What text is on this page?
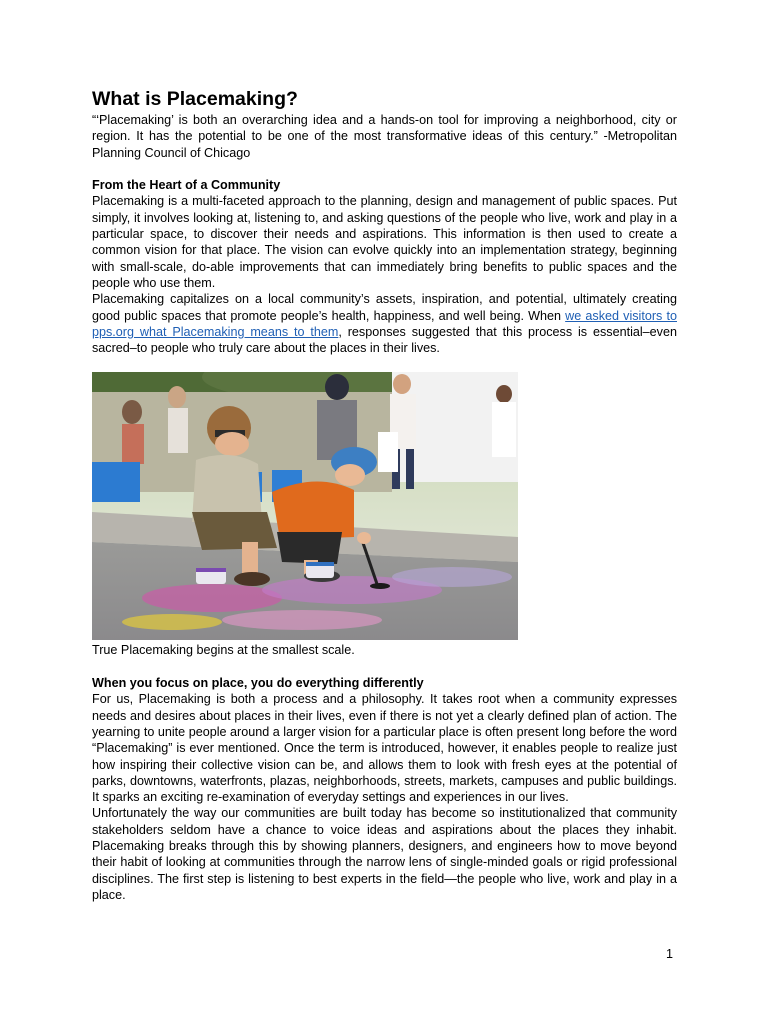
What is Placemaking?

“‘Placemaking’ is both an overarching idea and a hands-on tool for improving a neighborhood, city or region. It has the potential to be one of the most transformative ideas of this century.” -Metropolitan Planning Council of Chicago

From the Heart of a Community

Placemaking is a multi-faceted approach to the planning, design and management of public spaces. Put simply, it involves looking at, listening to, and asking questions of the people who live, work and play in a particular space, to discover their needs and aspirations. This information is then used to create a common vision for that place. The vision can evolve quickly into an implementation strategy, beginning with small-scale, do-able improvements that can immediately bring benefits to public spaces and the people who use them.

Placemaking capitalizes on a local community’s assets, inspiration, and potential, ultimately creating good public spaces that promote people’s health, happiness, and well being. When we asked visitors to pps.org what Placemaking means to them, responses suggested that this process is essential–even sacred–to people who truly care about the places in their lives.

True Placemaking begins at the smallest scale.

When you focus on place, you do everything differently

For us, Placemaking is both a process and a philosophy. It takes root when a community expresses needs and desires about places in their lives, even if there is not yet a clearly defined plan of action. The yearning to unite people around a larger vision for a particular place is often present long before the word “Placemaking” is ever mentioned. Once the term is introduced, however, it enables people to realize just how inspiring their collective vision can be, and allows them to look with fresh eyes at the potential of parks, downtowns, waterfronts, plazas, neighborhoods, streets, markets, campuses and public buildings. It sparks an exciting re-examination of everyday settings and experiences in our lives.

Unfortunately the way our communities are built today has become so institutionalized that community stakeholders seldom have a chance to voice ideas and aspirations about the places they inhabit. Placemaking breaks through this by showing planners, designers, and engineers how to move beyond their habit of looking at communities through the narrow lens of single-minded goals or rigid professional disciplines. The first step is listening to best experts in the field—the people who live, work and play in a place.

1
